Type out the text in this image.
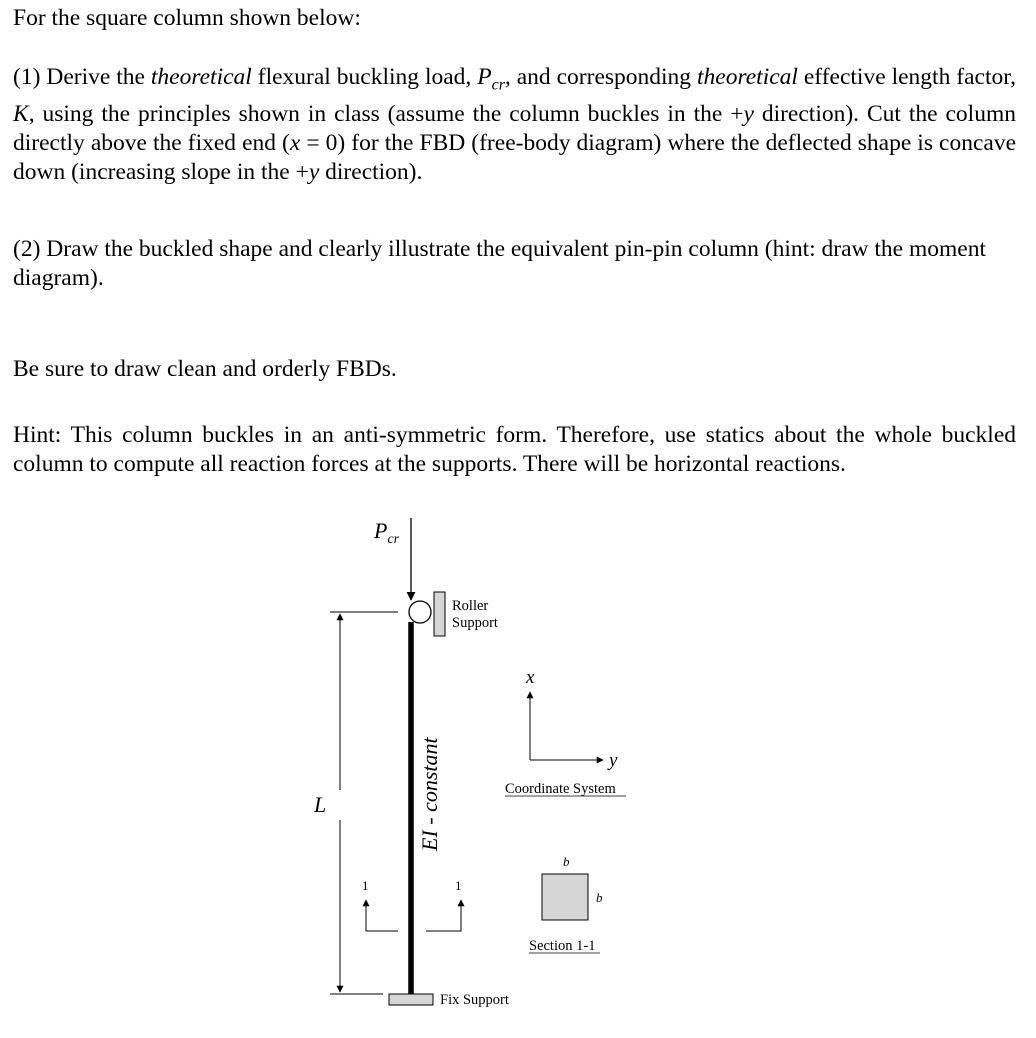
For the square column shown below:

(1) Derive the theoretical flexural buckling load, $P_{cr}$, and corresponding theoretical effective length factor, K, using the principles shown in class (assume the column buckles in the +y direction). Cut the column directly above the fixed end (x = 0) for the FBD (free-body diagram) where the deflected shape is concave down (increasing slope in the +y direction).

(2) Draw the buckled shape and clearly illustrate the equivalent pin-pin column (hint: draw the moment diagram).

Be sure to draw clean and orderly FBDs.

Hint: This column buckles in an anti-symmetric form. Therefore, use statics about the whole buckled column to compute all reaction forces at the supports. There will be horizontal reactions.

$P_{cr}$
Roller
Support
Fix Support
L	EI - constant
1	1
x
y
Coordinate System
b
b
Section 1-1
